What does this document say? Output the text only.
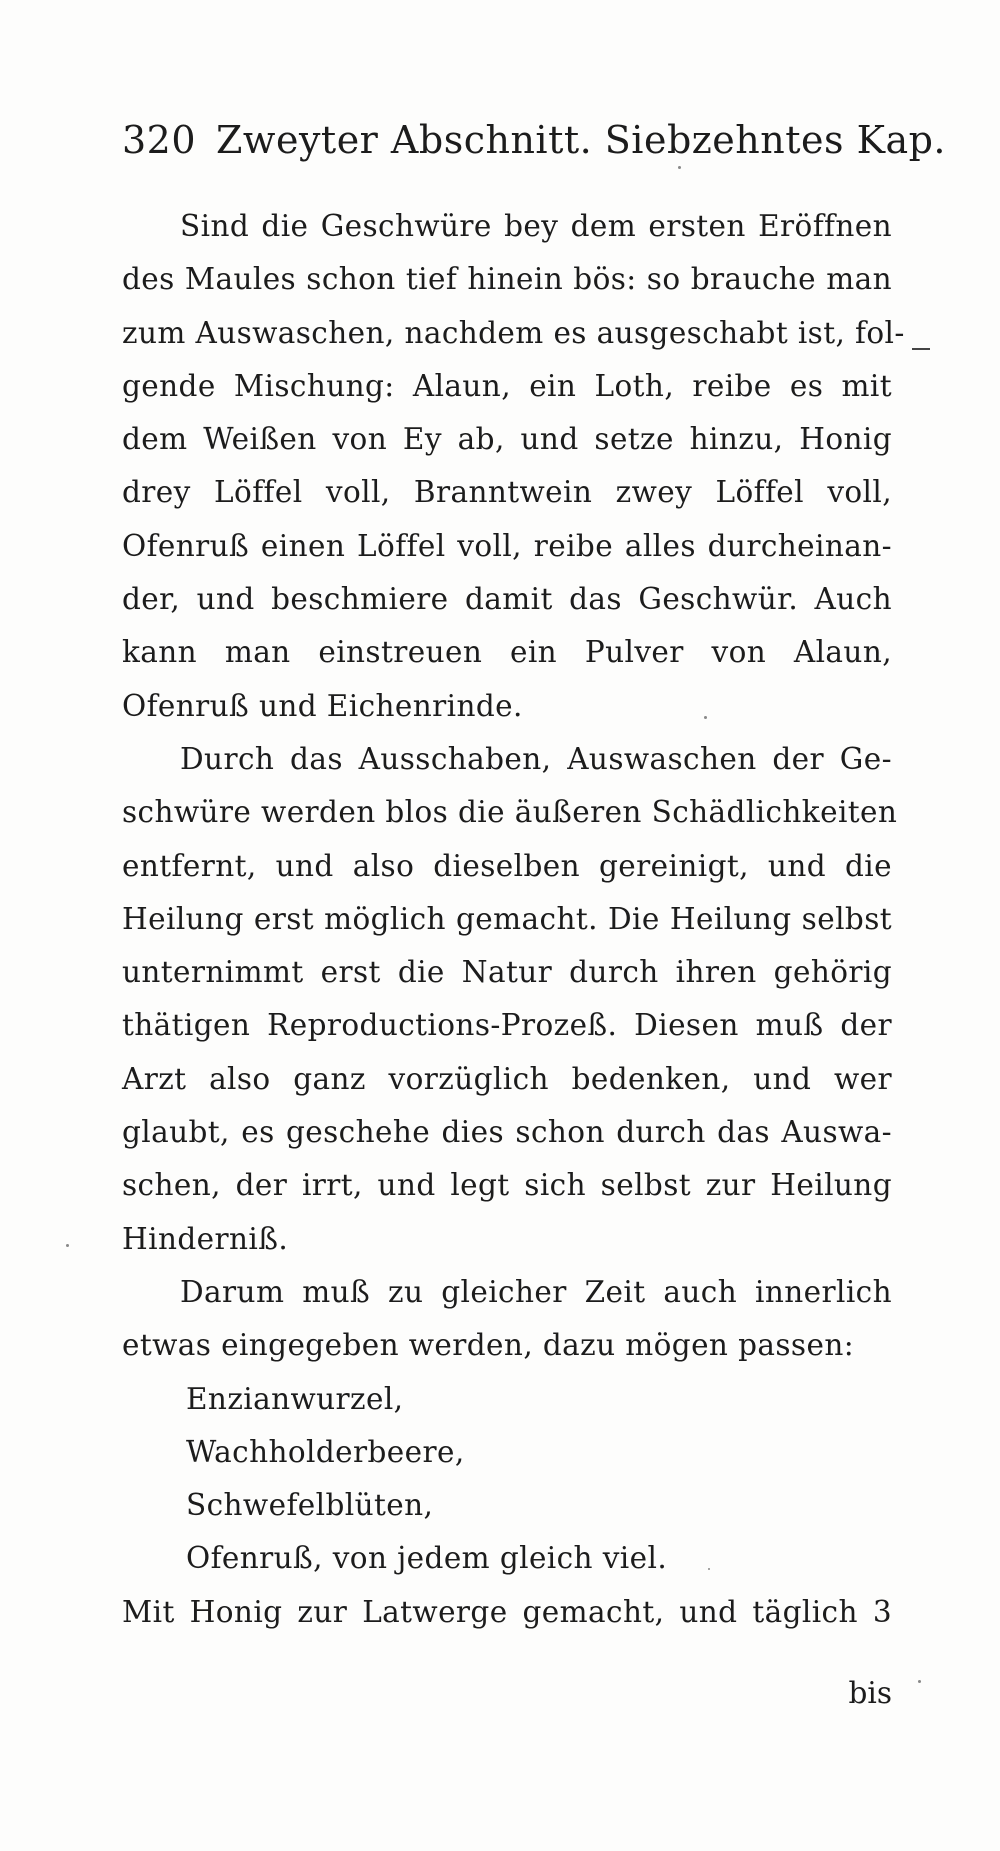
320 Zweyter Abschnitt. Siebzehntes Kap.
Sind die Geschwüre bey dem ersten Eröffnen
des Maules schon tief hinein bös: so brauche man
zum Auswaschen, nachdem es ausgeschabt ist, fol-
gende Mischung: Alaun, ein Loth, reibe es mit
dem Weißen von Ey ab, und setze hinzu, Honig
drey Löffel voll, Branntwein zwey Löffel voll,
Ofenruß einen Löffel voll, reibe alles durcheinan-
der, und beschmiere damit das Geschwür. Auch
kann man einstreuen ein Pulver von Alaun,
Ofenruß und Eichenrinde.
Durch das Ausschaben, Auswaschen der Ge-
schwüre werden blos die äußeren Schädlichkeiten
entfernt, und also dieselben gereinigt, und die
Heilung erst möglich gemacht. Die Heilung selbst
unternimmt erst die Natur durch ihren gehörig
thätigen Reproductions-Prozeß. Diesen muß der
Arzt also ganz vorzüglich bedenken, und wer
glaubt, es geschehe dies schon durch das Auswa-
schen, der irrt, und legt sich selbst zur Heilung
Hinderniß.
Darum muß zu gleicher Zeit auch innerlich
etwas eingegeben werden, dazu mögen passen:
Enzianwurzel,
Wachholderbeere,
Schwefelblüten,
Ofenruß, von jedem gleich viel.
Mit Honig zur Latwerge gemacht, und täglich 3
bis
